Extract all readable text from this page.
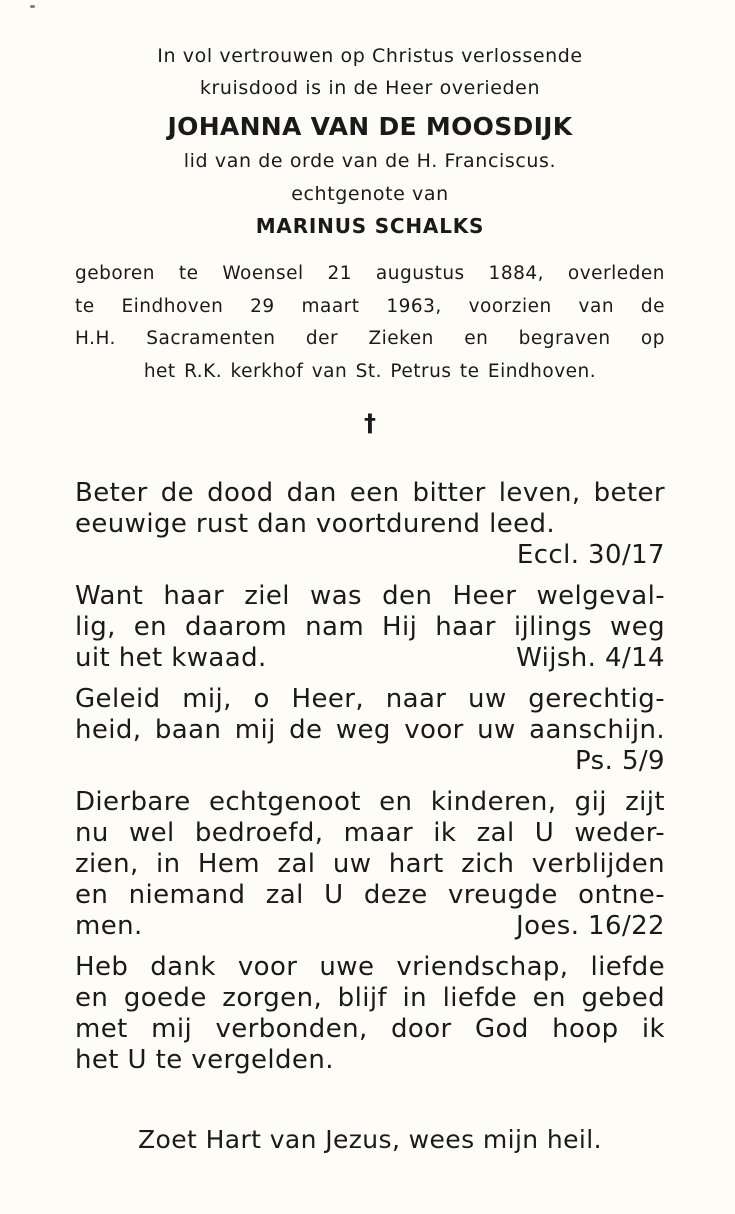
In vol vertrouwen op Christus verlossende
kruisdood is in de Heer overieden
JOHANNA VAN DE MOOSDIJK
lid van de orde van de H. Franciscus.
echtgenote van
MARINUS SCHALKS
geboren te Woensel 21 augustus 1884, overleden
te Eindhoven 29 maart 1963, voorzien van de
H.H. Sacramenten der Zieken en begraven op
het R.K. kerkhof van St. Petrus te Eindhoven.
†
Beter de dood dan een bitter leven, beter
eeuwige rust dan voortdurend leed.
Eccl. 30/17
Want haar ziel was den Heer welgeval-
lig, en daarom nam Hij haar ijlings weg
uit het kwaad.	Wijsh. 4/14
Geleid mij, o Heer, naar uw gerechtig-
heid, baan mij de weg voor uw aanschijn.
Ps. 5/9
Dierbare echtgenoot en kinderen, gij zijt
nu wel bedroefd, maar ik zal U weder-
zien, in Hem zal uw hart zich verblijden
en niemand zal U deze vreugde ontne-
men.	Joes. 16/22
Heb dank voor uwe vriendschap, liefde
en goede zorgen, blijf in liefde en gebed
met mij verbonden, door God hoop ik
het U te vergelden.
Zoet Hart van Jezus, wees mijn heil.
